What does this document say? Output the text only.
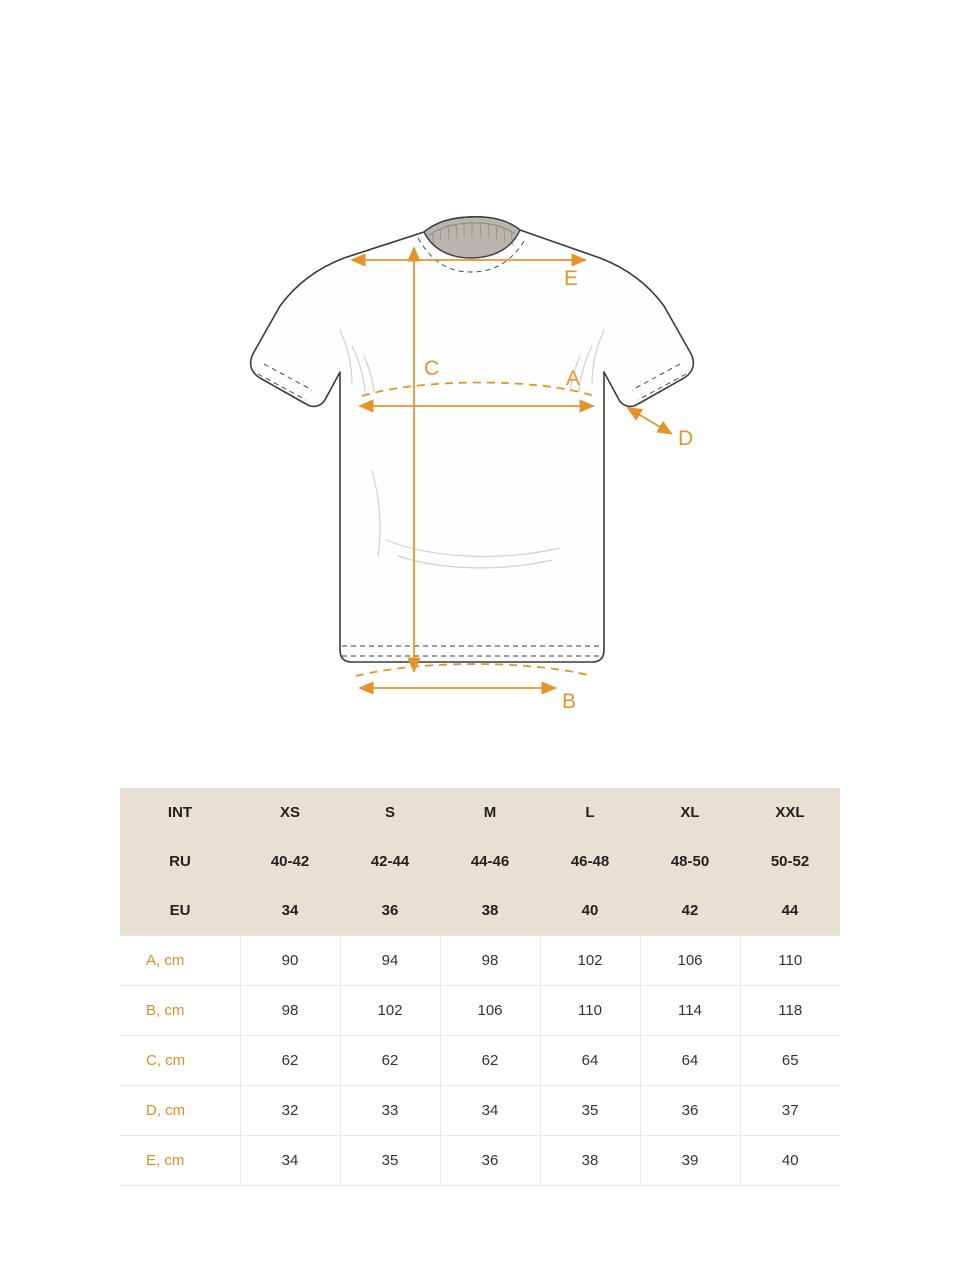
E
C	A
D
B
INT	XS	S	M	L	XL	XXL
RU	40-42	42-44	44-46	46-48	48-50	50-52
EU	34	36	38	40	42	44
A, cm	90	94	98	102	106	110
B, cm	98	102	106	110	114	118
C, cm	62	62	62	64	64	65
D, cm	32	33	34	35	36	37
E, cm	34	35	36	38	39	40
